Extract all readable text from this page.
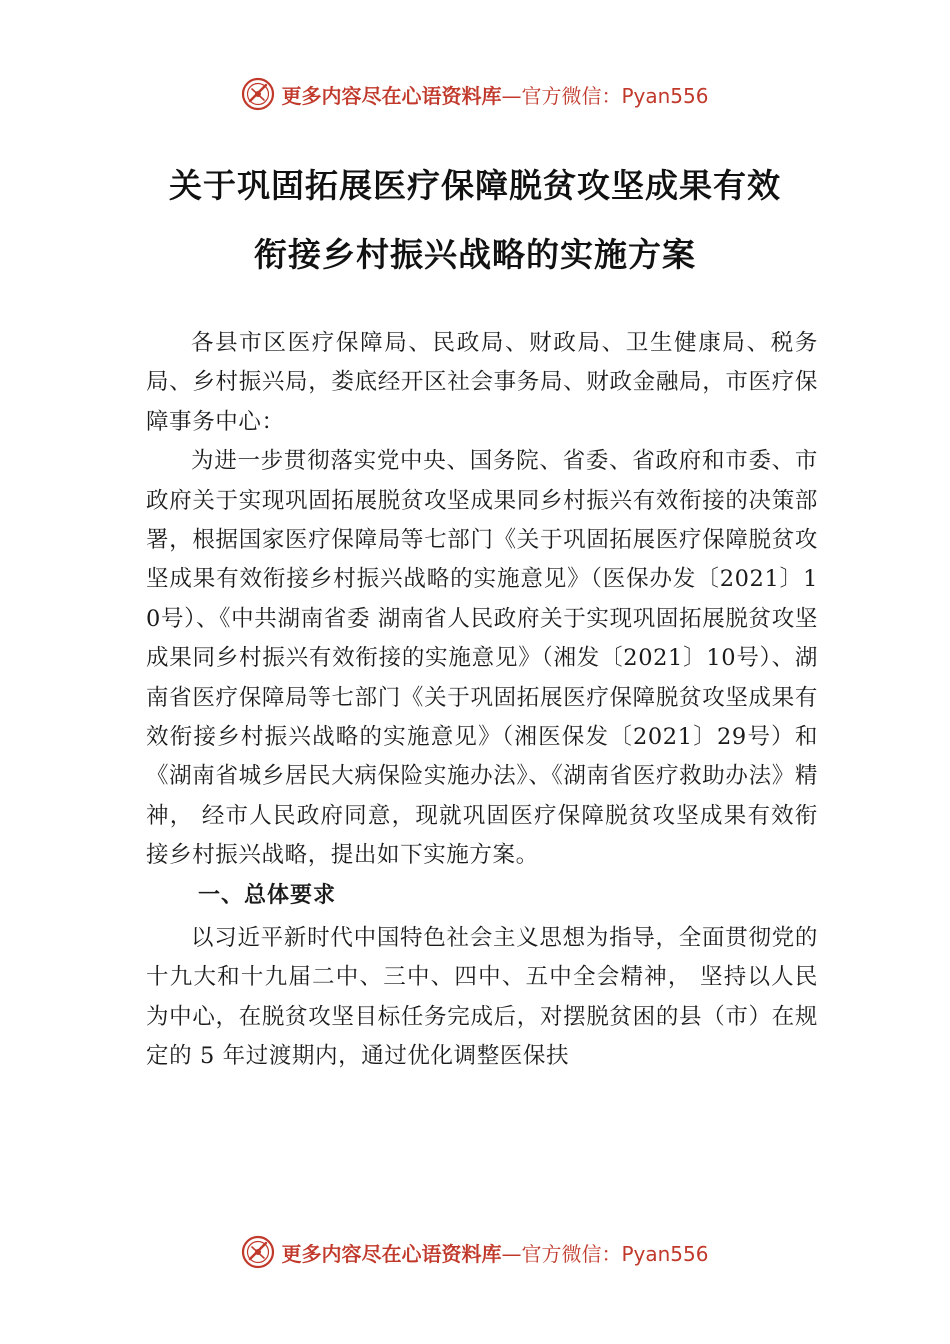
更多内容尽在心语资料库—官方微信：Pyan556
关于巩固拓展医疗保障脱贫攻坚成果有效
衔接乡村振兴战略的实施方案

各县市区医疗保障局、民政局、财政局、卫生健康局、税务局、乡村振兴局，娄底经开区社会事务局、财政金融局，市医疗保障事务中心：

为进一步贯彻落实党中央、国务院、省委、省政府和市委、市政府关于实现巩固拓展脱贫攻坚成果同乡村振兴有效衔接的决策部署，根据国家医疗保障局等七部门《关于巩固拓展医疗保障脱贫攻坚成果有效衔接乡村振兴战略的实施意见》（医保办发〔2021〕10号）、《中共湖南省委 湖南省人民政府关于实现巩固拓展脱贫攻坚成果同乡村振兴有效衔接的实施意见》（湘发〔2021〕10号）、湖南省医疗保障局等七部门《关于巩固拓展医疗保障脱贫攻坚成果有效衔接乡村振兴战略的实施意见》（湘医保发〔2021〕29号）和《湖南省城乡居民大病保险实施办法》、《湖南省医疗救助办法》精神， 经市人民政府同意，现就巩固医疗保障脱贫攻坚成果有效衔接乡村振兴战略，提出如下实施方案。

一、总体要求

以习近平新时代中国特色社会主义思想为指导，全面贯彻党的十九大和十九届二中、三中、四中、五中全会精神， 坚持以人民为中心，在脱贫攻坚目标任务完成后，对摆脱贫困的县（市）在规定的 5 年过渡期内，通过优化调整医保扶

更多内容尽在心语资料库—官方微信：Pyan556
